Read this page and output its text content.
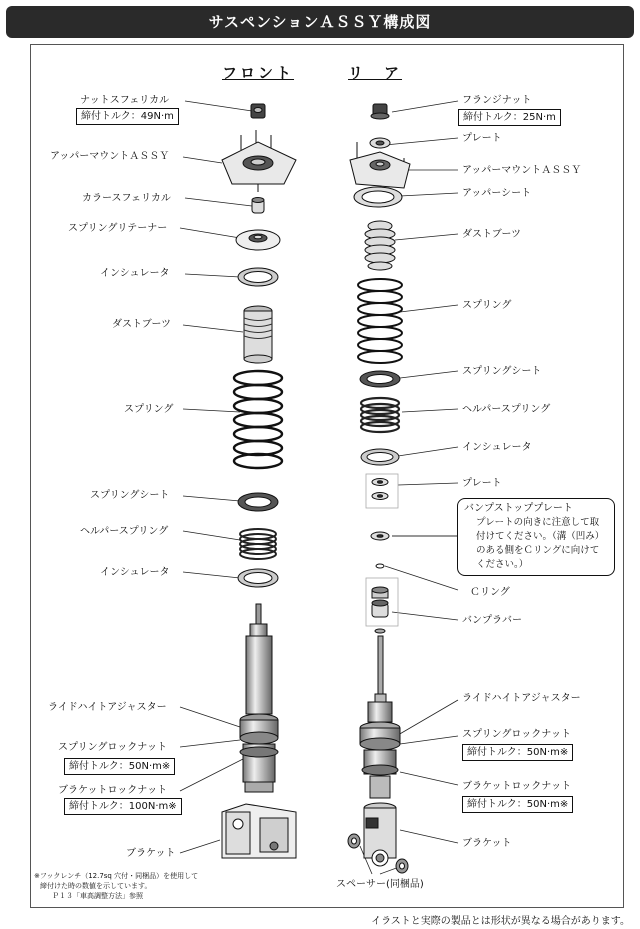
サスペンションＡＳＳＹ構成図
フロント	リ　ア
ナットスフェリカル
締付トルク：49N·m
アッパーマウントＡＳＳＹ
カラースフェリカル
スプリングリテーナー
インシュレータ
ダストブーツ
スプリング
スプリングシート
ヘルパースプリング
インシュレータ
ライドハイトアジャスター
スプリングロックナット
締付トルク：50N·m※
ブラケットロックナット
締付トルク：100N·m※
ブラケット
フランジナット
締付トルク：25N·m
プレート
アッパーマウントＡＳＳＹ
アッパーシート
ダストブーツ
スプリング
スプリングシート
ヘルパースプリング
インシュレータ
プレート
バンプストッププレート
プレートの向きに注意して取付けてください。（溝（凹み）のある側をＣリングに向けてください。）
Ｃリング
バンプラバー
ライドハイトアジャスター
スプリングロックナット
締付トルク：50N·m※
ブラケットロックナット
締付トルク：50N·m※
ブラケット
スペーサー(同梱品)
※フックレンチ（12.7sq 穴付・同梱品）を使用して
締付けた時の数値を示しています。
Ｐ１３「車高調整方法」参照
イラストと実際の製品とは形状が異なる場合があります。
